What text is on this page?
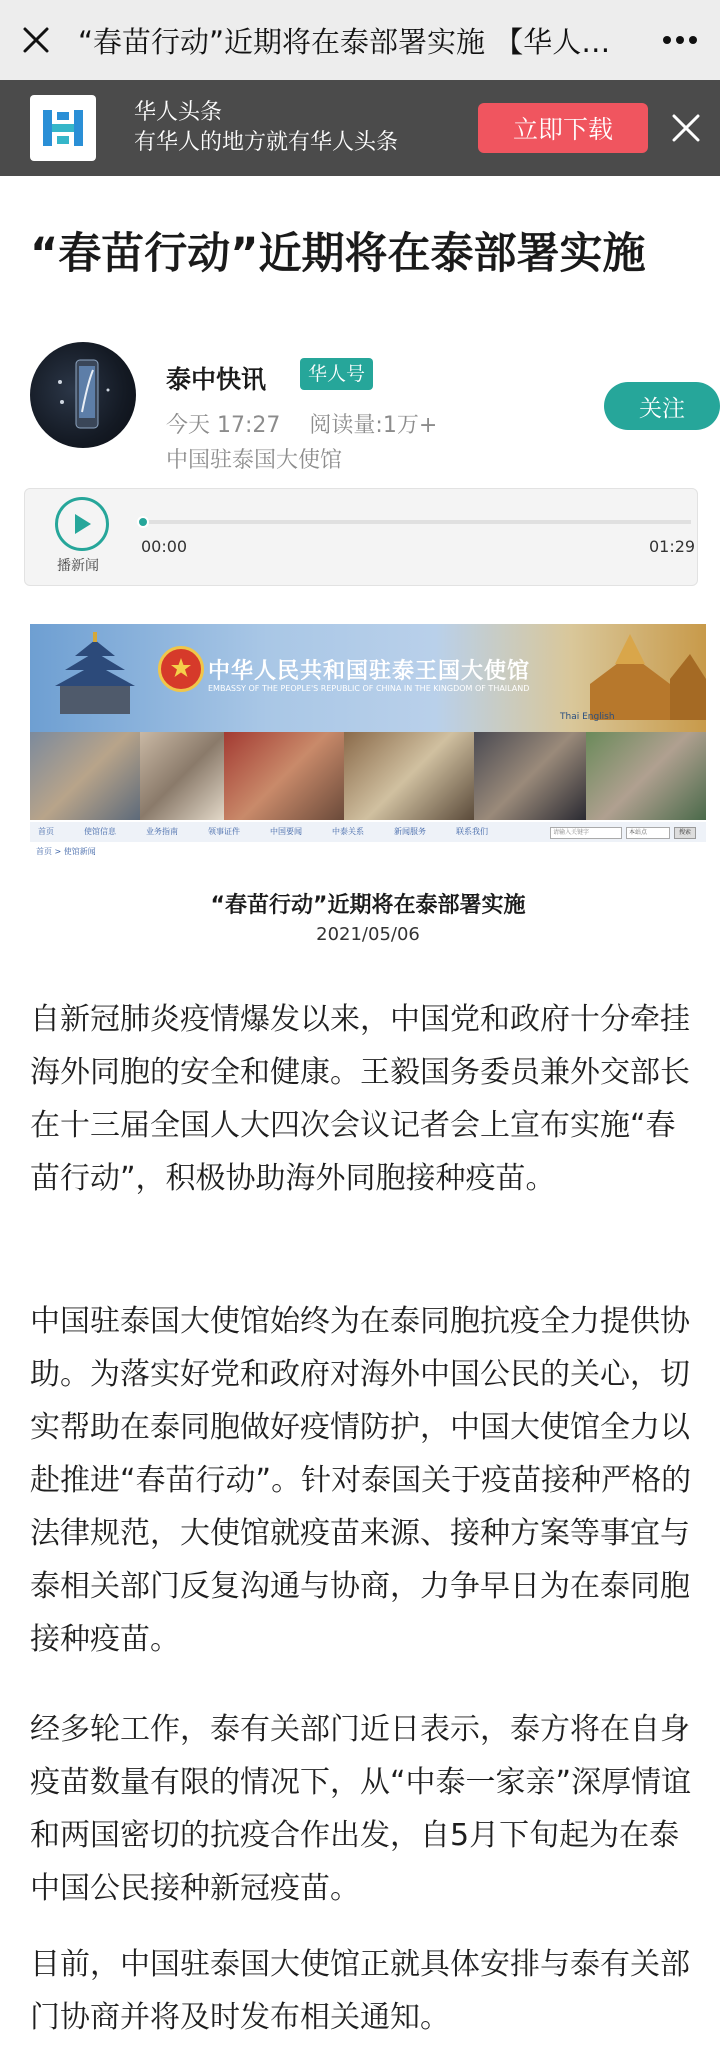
“春苗行动”近期将在泰部署实施 【华人…
华人头条
有华人的地方就有华人头条	立即下载
“春苗行动”近期将在泰部署实施
泰中快讯	华人号
今天 17:27 阅读量:1万+
中国驻泰国大使馆
关注
播新闻
00:00	01:29
中华人民共和国驻泰王国大使馆
EMBASSY OF THE PEOPLE'S REPUBLIC OF CHINA IN THE KINGDOM OF THAILAND
Thai English
首页	使馆信息	业务指南	领事证件	中国要闻	中泰关系	新闻服务	联系我们	请输入关键字	本站点	搜索
首页 > 使馆新闻
“春苗行动”近期将在泰部署实施
2021/05/06

自新冠肺炎疫情爆发以来，中国党和政府十分牵挂海外同胞的安全和健康。王毅国务委员兼外交部长在十三届全国人大四次会议记者会上宣布实施“春苗行动”，积极协助海外同胞接种疫苗。

中国驻泰国大使馆始终为在泰同胞抗疫全力提供协助。为落实好党和政府对海外中国公民的关心，切实帮助在泰同胞做好疫情防护，中国大使馆全力以赴推进“春苗行动”。针对泰国关于疫苗接种严格的法律规范，大使馆就疫苗来源、接种方案等事宜与泰相关部门反复沟通与协商，力争早日为在泰同胞接种疫苗。

经多轮工作，泰有关部门近日表示，泰方将在自身疫苗数量有限的情况下，从“中泰一家亲”深厚情谊和两国密切的抗疫合作出发，自5月下旬起为在泰中国公民接种新冠疫苗。

目前，中国驻泰国大使馆正就具体安排与泰有关部门协商并将及时发布相关通知。
